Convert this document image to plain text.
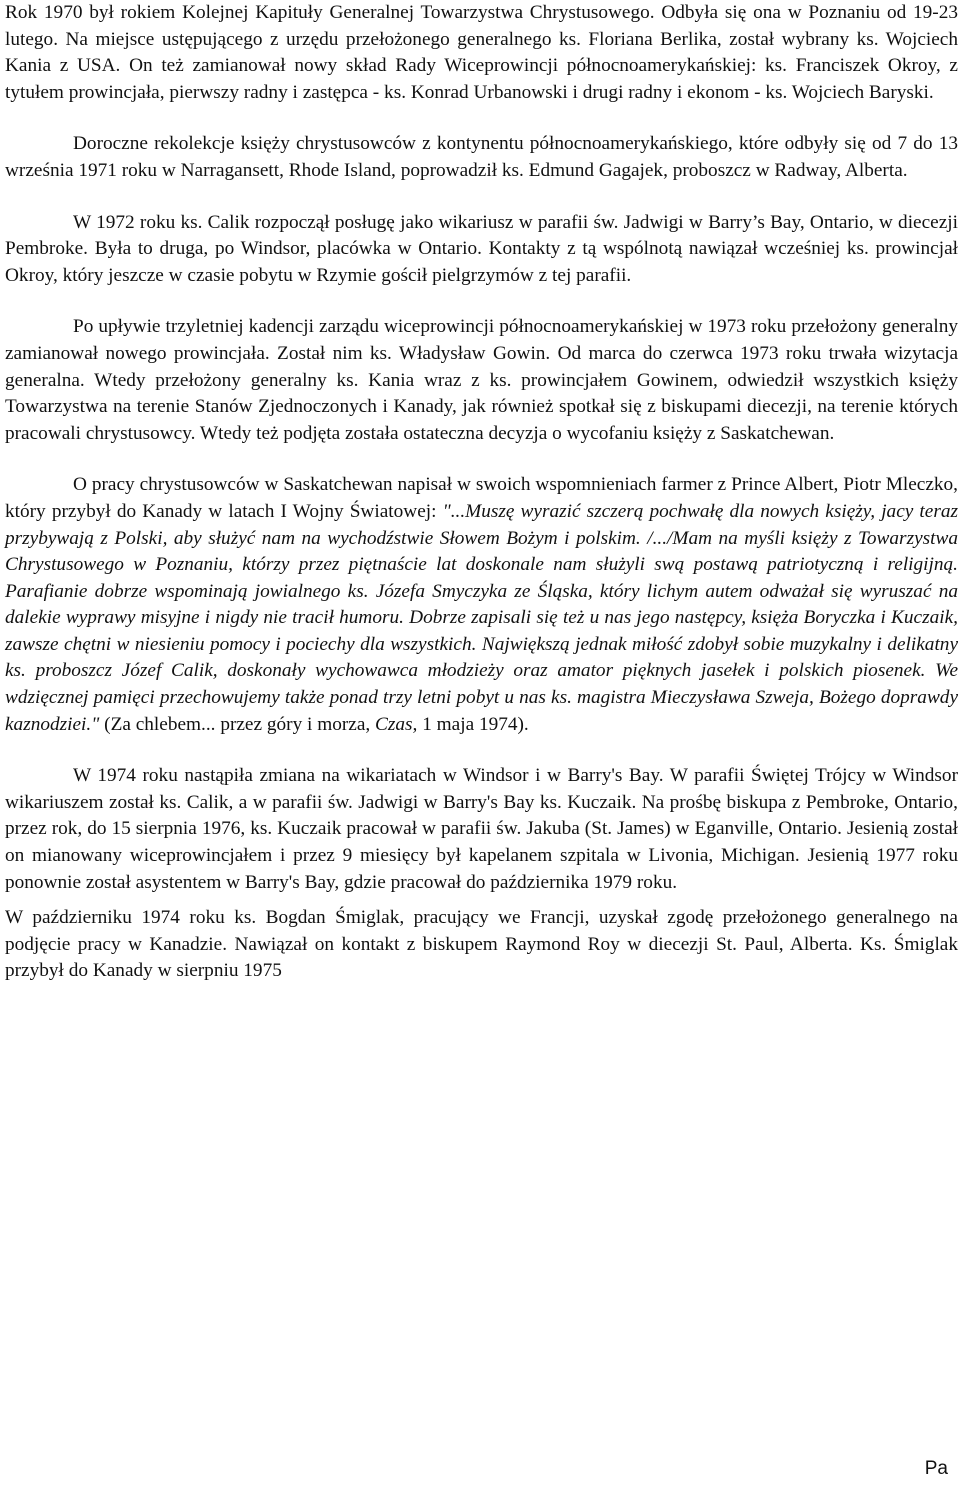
Rok 1970 był rokiem Kolejnej Kapituły Generalnej Towarzystwa Chrystusowego. Odbyła się ona w Poznaniu od 19-23 lutego. Na miejsce ustępującego z urzędu przełożonego generalnego ks. Floriana Berlika, został wybrany ks. Wojciech Kania z USA. On też zamianował nowy skład Rady Wiceprowincji północnoamerykańskiej: ks. Franciszek Okroy, z tytułem prowincjała, pierwszy radny i zastępca - ks. Konrad Urbanowski i drugi radny i ekonom - ks. Wojciech Baryski.

Doroczne rekolekcje księży chrystusowców z kontynentu północnoamerykańskiego, które odbyły się od 7 do 13 września 1971 roku w Narragansett, Rhode Island, poprowadził ks. Edmund Gagajek, proboszcz w Radway, Alberta.

W 1972 roku ks. Calik rozpoczął posługę jako wikariusz w parafii św. Jadwigi w Barry’s Bay, Ontario, w diecezji Pembroke. Była to druga, po Windsor, placówka w Ontario. Kontakty z tą wspólnotą nawiązał wcześniej ks. prowincjał Okroy, który jeszcze w czasie pobytu w Rzymie gościł pielgrzymów z tej parafii.

Po upływie trzyletniej kadencji zarządu wiceprowincji północnoamerykańskiej w 1973 roku przełożony generalny zamianował nowego prowincjała. Został nim ks. Władysław Gowin. Od marca do czerwca 1973 roku trwała wizytacja generalna. Wtedy przełożony generalny ks. Kania wraz z ks. prowincjałem Gowinem, odwiedził wszystkich księży Towarzystwa na terenie Stanów Zjednoczonych i Kanady, jak również spotkał się z biskupami diecezji, na terenie których pracowali chrystusowcy. Wtedy też podjęta została ostateczna decyzja o wycofaniu księży z Saskatchewan.

O pracy chrystusowców w Saskatchewan napisał w swoich wspomnieniach farmer z Prince Albert, Piotr Mleczko, który przybył do Kanady w latach I Wojny Światowej: "...Muszę wyrazić szczerą pochwałę dla nowych księży, jacy teraz przybywają z Polski, aby służyć nam na wychodźstwie Słowem Bożym i polskim. /.../Mam na myśli księży z Towarzystwa Chrystusowego w Poznaniu, którzy przez piętnaście lat doskonale nam służyli swą postawą patriotyczną i religijną. Parafianie dobrze wspominają jowialnego ks. Józefa Smyczyka ze Śląska, który lichym autem odważał się wyruszać na dalekie wyprawy misyjne i nigdy nie tracił humoru. Dobrze zapisali się też u nas jego następcy, księża Boryczka i Kuczaik, zawsze chętni w niesieniu pomocy i pociechy dla wszystkich. Największą jednak miłość zdobył sobie muzykalny i delikatny ks. proboszcz Józef Calik, doskonały wychowawca młodzieży oraz amator pięknych jasełek i polskich piosenek. We wdzięcznej pamięci przechowujemy także ponad trzy letni pobyt u nas ks. magistra Mieczysława Szweja, Bożego doprawdy kaznodziei." (Za chlebem... przez góry i morza, Czas, 1 maja 1974).

W 1974 roku nastąpiła zmiana na wikariatach w Windsor i w Barry's Bay. W parafii Świętej Trójcy w Windsor wikariuszem został ks. Calik, a w parafii św. Jadwigi w Barry's Bay ks. Kuczaik. Na prośbę biskupa z Pembroke, Ontario, przez rok, do 15 sierpnia 1976, ks. Kuczaik pracował w parafii św. Jakuba (St. James) w Eganville, Ontario. Jesienią został on mianowany wiceprowincjałem i przez 9 miesięcy był kapelanem szpitala w Livonia, Michigan. Jesienią 1977 roku ponownie został asystentem w Barry's Bay, gdzie pracował do października 1979 roku.

W październiku 1974 roku ks. Bogdan Śmiglak, pracujący we Francji, uzyskał zgodę przełożonego generalnego na podjęcie pracy w Kanadzie. Nawiązał on kontakt z biskupem Raymond Roy w diecezji St. Paul, Alberta. Ks. Śmiglak przybył do Kanady w sierpniu 1975

Pa
